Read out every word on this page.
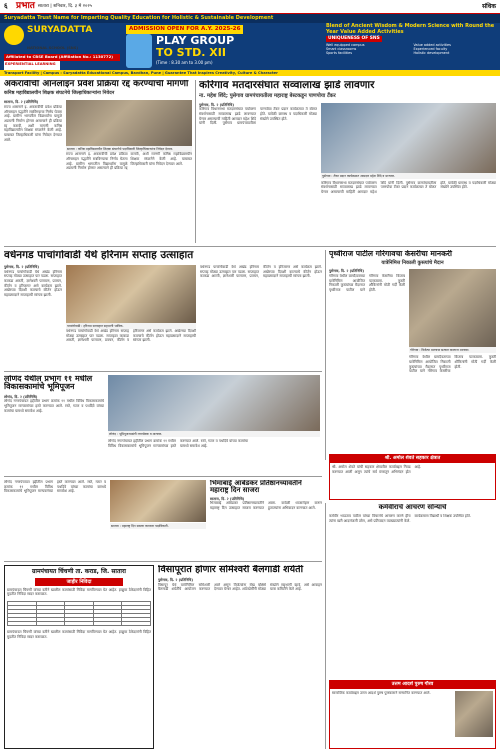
६ प्रभात सातारा | शनिवार, दि. ३ मे २०२५	संधिक
Suryadatta Trust Name for Imparting Quality Education for Holistic & Sustainable Development
SURYADATTA
NATIONAL SCHOOL (SNS)
Affiliated to CBSE Board (Affiliation No.: 1130772)
EXPERIENTIAL LEARNING
ADMISSION OPEN FOR A.Y. 2025-26
PLAY GROUP
TO STD. XII
(Time : 8.30 am to 3.00 pm)
Blend of Ancient Wisdom & Modern Science with Round the Year Value Added Activities
UNIQUENESS OF SNS
Well equipped campus
Smart classrooms
Sports facilities
Value added activities
Experienced faculty
Holistic development
Transport Facility | Campus : Suryadatta Educational Campus, Bavdhan, Pune | Guarantee That Inspires Creativity, Culture & Character
अकरावीची ऑनलाइन प्रवेश प्रक्रिया रद्द करण्याची मागणी
कनिष्ठ महाविद्यालयीन शिक्षक संघटनेचे जिल्हाधिकाऱ्यांना निवेदन
सातारा, दि. २ (प्रतिनिधि)
राज्य शासनाने इ. अकरावीची प्रवेश प्रक्रिया ऑनलाइन पद्धतीने राबविण्याचा निर्णय घेतला आहे. ग्रामीण भागातील विद्यार्थ्यांना यामुळे अडचणी निर्माण होणार असल्याने ही प्रक्रिया रद्द करावी, अशी मागणी कनिष्ठ महाविद्यालयीन शिक्षक संघटनेने केली आहे. याबाबत जिल्हाधिकारी यांना निवेदन देण्यात आले.
सातारा : कनिष्ठ महाविद्यालयीन शिक्षक संघटनेचे पदाधिकारी जिल्हाधिकाऱ्यांना निवेदन देताना.
राज्य शासनाने इ. अकरावीची प्रवेश प्रक्रिया ऑनलाइन पद्धतीने राबविण्याचा निर्णय घेतला आहे. ग्रामीण भागातील विद्यार्थ्यांना यामुळे अडचणी निर्माण होणार असल्याने ही प्रक्रिया रद्द करावी, अशी मागणी कनिष्ठ महाविद्यालयीन शिक्षक संघटनेने केली आहे. याबाबत जिल्हाधिकारी यांना निवेदन देण्यात आले.
कोरेगाव मतदारसंघात सव्वालाख झाडे लावणार
ना. महेश शिंदे; पुसेगाव ग्रामपंचायतीला महाराष्ट्र बेस्टकडून पाणपोया टँकर
पुसेगाव, दि. २ (प्रतिनिधि)
कोरेगाव विधानसभा मतदारसंघात पर्यावरण संवर्धनासाठी सव्वालाख झाडे लावण्यात येणार असल्याची माहिती आमदार महेश शिंदे यांनी दिली. पुसेगाव ग्रामपंचायतीला पाणपोया टँकर प्रदान कार्यक्रमात ते बोलत होते. यावेळी ग्रामस्थ व पदाधिकारी मोठ्या संख्येने उपस्थित होते.
पुसेगाव : टँकर प्रदान कार्यक्रमात आमदार महेश शिंदे व मान्यवर.
कोरेगाव विधानसभा मतदारसंघात पर्यावरण संवर्धनासाठी सव्वालाख झाडे लावण्यात येणार असल्याची माहिती आमदार महेश शिंदे यांनी दिली. पुसेगाव ग्रामपंचायतीला पाणपोया टँकर प्रदान कार्यक्रमात ते बोलत होते. यावेळी ग्रामस्थ व पदाधिकारी मोठ्या संख्येने उपस्थित होते.
वर्धनगड पाचांगोवाडी येथे हरिनाम सप्ताह उत्साहात
पुसेगाव, दि. २ (प्रतिनिधि)
वर्धनगड पाचांगोवाडी येथे अखंड हरिनाम सप्ताह मोठ्या उत्साहात पार पडला. सप्ताहात काकडा आरती, ज्ञानेश्वरी पारायण, प्रवचन, कीर्तन व हरिजागर असे कार्यक्रम झाले. अखेरच्या दिवशी काल्याचे कीर्तन होऊन महाप्रसादाने सप्ताहाची सांगता झाली.
पाचांगोवाडी : हरिनाम सप्ताहात सहभागी भाविक.
वर्धनगड पाचांगोवाडी येथे अखंड हरिनाम सप्ताह मोठ्या उत्साहात पार पडला. सप्ताहात काकडा आरती, ज्ञानेश्वरी पारायण, प्रवचन, कीर्तन व हरिजागर असे कार्यक्रम झाले. अखेरच्या दिवशी काल्याचे कीर्तन होऊन महाप्रसादाने सप्ताहाची सांगता झाली.
वर्धनगड पाचांगोवाडी येथे अखंड हरिनाम सप्ताह मोठ्या उत्साहात पार पडला. सप्ताहात काकडा आरती, ज्ञानेश्वरी पारायण, प्रवचन, कीर्तन व हरिजागर असे कार्यक्रम झाले. अखेरच्या दिवशी काल्याचे कीर्तन होऊन महाप्रसादाने सप्ताहाची सांगता झाली.
पृथ्वीराज पाटील गोरेगावचा केसरीचा मानकरी
यात्रेनिमित्त निकाली कुस्त्यांचे मैदान
पुसेगाव, दि. २ (प्रतिनिधि)
गोरेगाव येथील ग्रामदैवताच्या यात्रेनिमित्त आयोजित निकाली कुस्त्यांच्या मैदानात पृथ्वीराज पाटील याने गोरेगाव केसरीचा किताब पटकावला. कुस्ती शौकिनांनी मोठी गर्दी केली होती.
गोरेगाव : विजेत्या मल्लाचा सत्कार करताना मान्यवर.
गोरेगाव येथील ग्रामदैवताच्या यात्रेनिमित्त आयोजित निकाली कुस्त्यांच्या मैदानात पृथ्वीराज पाटील याने गोरेगाव केसरीचा किताब पटकावला. कुस्ती शौकिनांनी मोठी गर्दी केली होती.
लोणंद येथील प्रभाग ११ मधील विकासकामांचे भूमिपूजन
लोणंद, दि. २ (प्रतिनिधि)
लोणंद नगरपंचायत हद्दीतील प्रभाग क्रमांक ११ मधील विविध विकासकामांचे भूमिपूजन मान्यवरांच्या हस्ते करण्यात आले. रस्ते, गटार व पथदिवे यांच्या कामांचा यामध्ये समावेश आहे.
लोणंद : भूमिपूजनप्रसंगी नगरसेवक व मान्यवर.
लोणंद नगरपंचायत हद्दीतील प्रभाग क्रमांक ११ मधील विविध विकासकामांचे भूमिपूजन मान्यवरांच्या हस्ते करण्यात आले. रस्ते, गटार व पथदिवे यांच्या कामांचा यामध्ये समावेश आहे.
श्री. अमोल शेवते सहकार क्षेत्रात
श्री. अमोल शेवते यांची सहकार क्षेत्रातील कार्याबद्दल निवड करण्यात आली असून त्यांचे सर्व स्तरातून अभिनंदन होत आहे.
सातारा : महाराष्ट्र दिन साजरा करताना पदाधिकारी.
भिमाबाई आंबेडकर प्रतिष्ठानच्यावतीने महाराष्ट्र दिन साजरा
सातारा, दि. २ (प्रतिनिधि)
भिमाबाई आंबेडकर प्रतिष्ठानच्यावतीने महाराष्ट्र दिन उत्साहात साजरा करण्यात आला. यावेळी ध्वजारोहण करून हुतात्म्यांना अभिवादन करण्यात आले.
लोणंद नगरपंचायत हद्दीतील प्रभाग क्रमांक ११ मधील विविध विकासकामांचे भूमिपूजन मान्यवरांच्या हस्ते करण्यात आले. रस्ते, गटार व पथदिवे यांच्या कामांचा यामध्ये समावेश आहे.
ग्रामपंचायत चिंचणी ता. कराड, जि. सातारा
जाहीर निविदा
ग्रामपंचायत चिंचणी यांच्या वतीने खालील कामांसाठी निविदा मागविण्यात येत आहेत. इच्छुक ठेकेदारांनी विहित मुदतीत निविदा सादर कराव्यात.

ग्रामपंचायत चिंचणी यांच्या वतीने खालील कामांसाठी निविदा मागविण्यात येत आहेत. इच्छुक ठेकेदारांनी विहित मुदतीत निविदा सादर कराव्यात.
विसापूरात होणार सोमेश्वरी बैलगाडी शर्यती
पुसेगाव, दि. २ (प्रतिनिधि)
विसापूर येथे यात्रेनिमित्त सोमेश्वरी बैलगाडी शर्यतींचे आयोजन करण्यात आले असून विजेत्यांना रोख बक्षिसे देण्यात येणार आहेत. शर्यतप्रेमींनी मोठ्या संख्येने सहभागी व्हावे, असे आवाहन यात्रा कमिटीने केले आहे.
कर्मवीरांचे आचरण सोन्याचे
कर्मवीर भाऊराव पाटील यांच्या विचारांचे आचरण करणे हीच त्यांना खरी आदरांजली ठरेल, असे प्रतिपादन व्याख्यात्यांनी केले. कार्यक्रमास विद्यार्थी व शिक्षक उपस्थित होते.
उत्तम आदर्श पुरुष गौरव
सामाजिक कार्याबद्दल उत्तम आदर्श पुरुष पुरस्काराने सन्मानित करण्यात आले.
